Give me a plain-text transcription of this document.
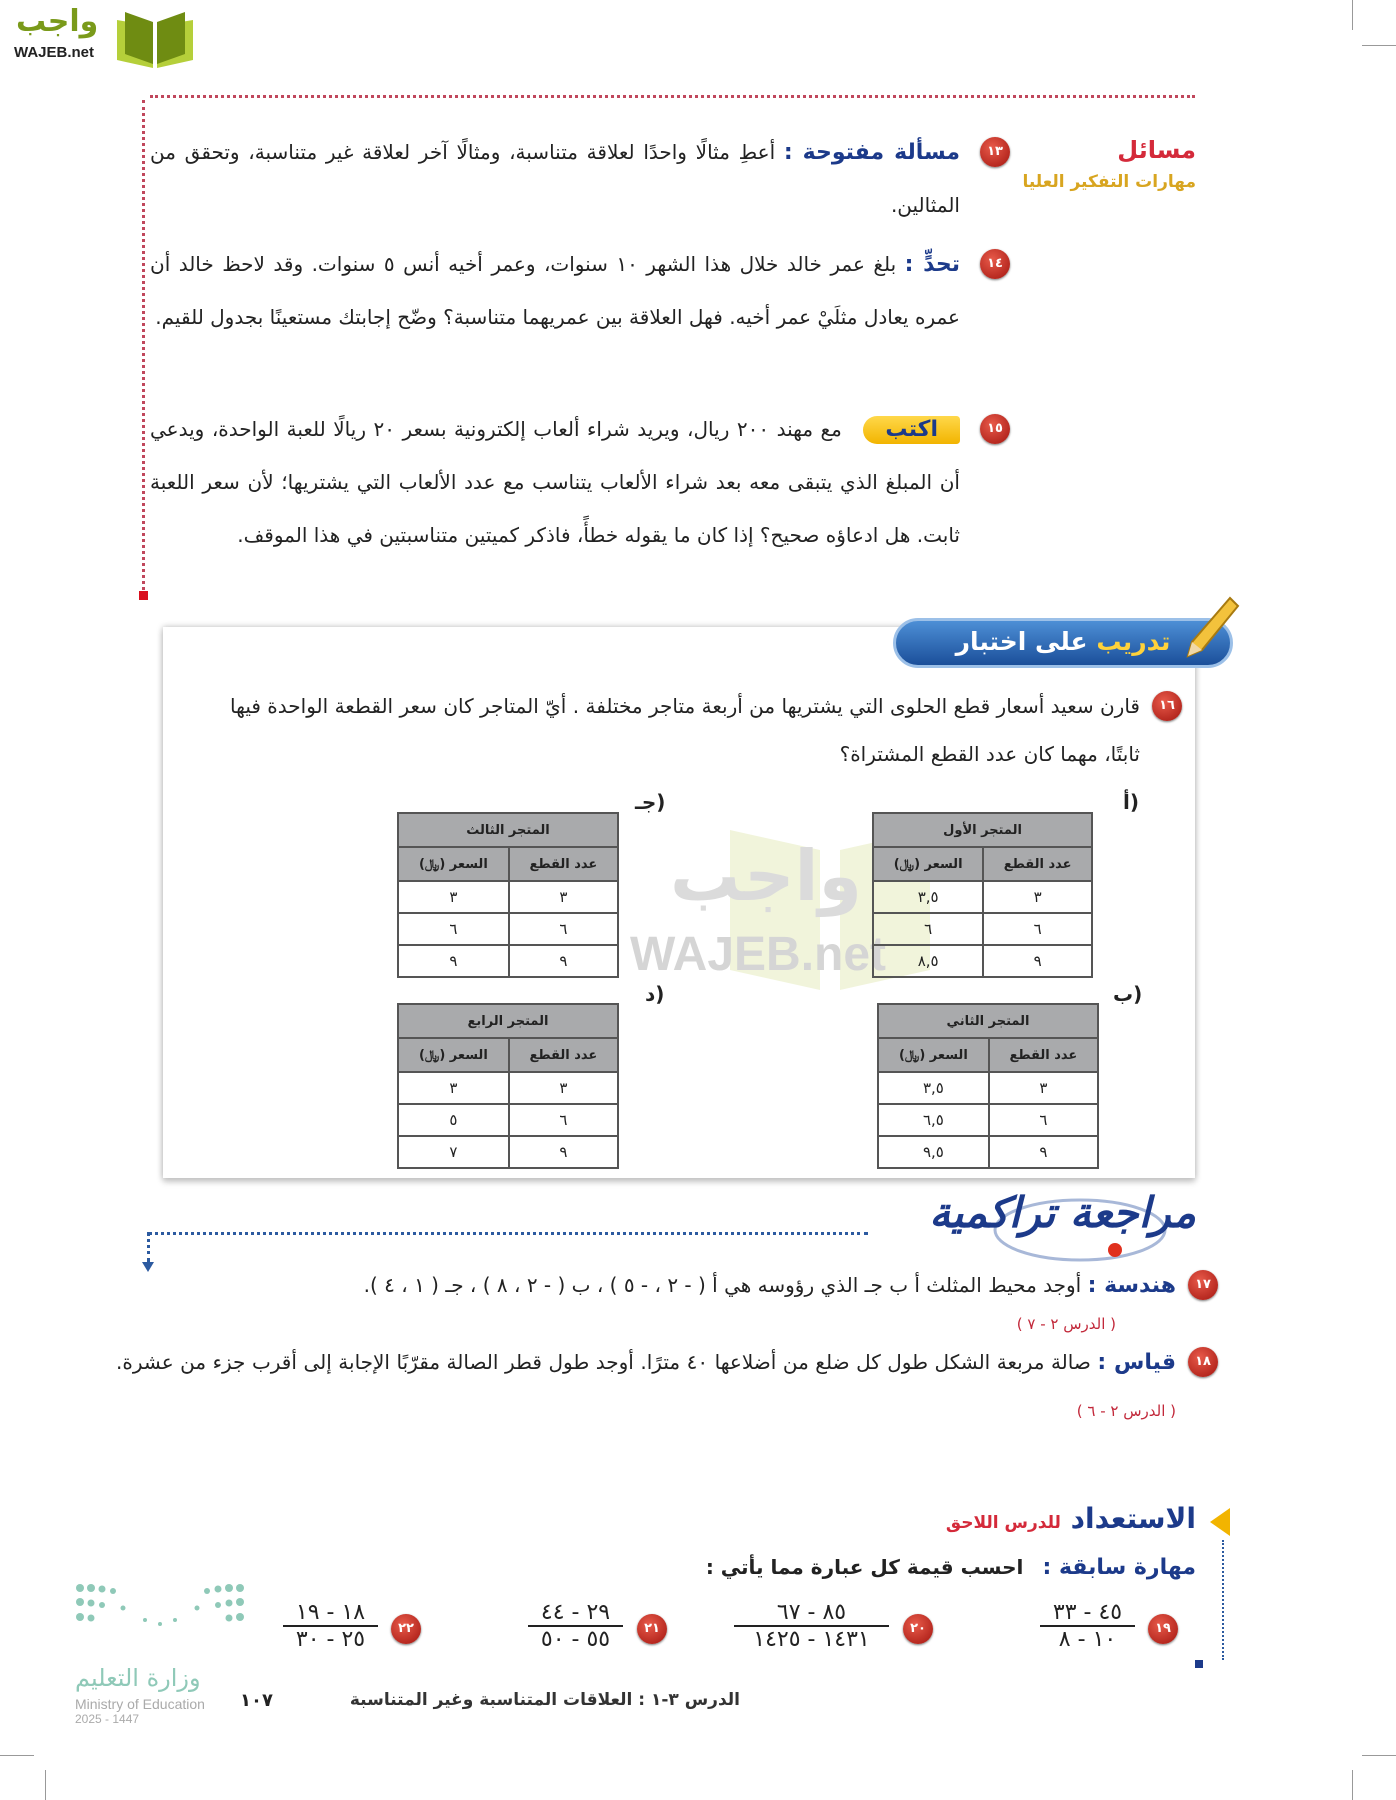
واجب
WAJEB.net
مسائل
مهارات التفكير العليا
١٣
مسألة مفتوحة : أعطِ مثالًا واحدًا لعلاقة متناسبة، ومثالًا آخر لعلاقة غير متناسبة، وتحقق من المثالين.
١٤
تحدٍّ : بلغ عمر خالد خلال هذا الشهر ١٠ سنوات، وعمر أخيه أنس ٥ سنوات. وقد لاحظ خالد أن عمره يعادل مثلَيْ عمر أخيه. فهل العلاقة بين عمريهما متناسبة؟ وضّح إجابتك مستعينًا بجدول للقيم.
١٥
اكتب مع مهند ٢٠٠ ريال، ويريد شراء ألعاب إلكترونية بسعر ٢٠ ريالًا للعبة الواحدة، ويدعي أن المبلغ الذي يتبقى معه بعد شراء الألعاب يتناسب مع عدد الألعاب التي يشتريها؛ لأن سعر اللعبة ثابت. هل ادعاؤه صحيح؟ إذا كان ما يقوله خطأً، فاذكر كميتين متناسبتين في هذا الموقف.
تدريب على اختبار
١٦
قارن سعيد أسعار قطع الحلوى التي يشتريها من أربعة متاجر مختلفة . أيّ المتاجر كان سعر القطعة الواحدة فيها ثابتًا، مهما كان عدد القطع المشتراة؟
WAJEB.net
واجب
أ)
المتجر الأول	
عدد القطع	السعر (﷼)
٣	٣,٥
٦	٦
٩	٨,٥
ب)
المتجر الثاني	
عدد القطع	السعر (﷼)
٣	٣,٥
٦	٦,٥
٩	٩,٥
جـ)
المتجر الثالث	
عدد القطع	السعر (﷼)
٣	٣
٦	٦
٩	٩
د)
المتجر الرابع	
عدد القطع	السعر (﷼)
٣	٣
٦	٥
٩	٧
مراجعة تراكمية
١٧
هندسة : أوجد محيط المثلث أ ب جـ الذي رؤوسه هي أ ( - ٢ ، - ٥ ) ، ب ( - ٢ ، ٨ ) ، جـ ( ١ ، ٤ ).
( الدرس ٢ - ٧ )
١٨
قياس : صالة مربعة الشكل طول كل ضلع من أضلاعها ٤٠ مترًا. أوجد طول قطر الصالة مقرّبًا الإجابة إلى أقرب جزء من عشرة. ( الدرس ٢ - ٦ )
الاستعداد للدرس اللاحق
مهارة سابقة :   احسب قيمة كل عبارة مما يأتي :
١٩
٤٥ - ٣٣
١٠ - ٨
٢٠
٨٥ - ٦٧
١٤٣١ - ١٤٢٥
٢١
٢٩ - ٤٤
٥٥ - ٥٠
٢٢
١٨ - ١٩
٢٥ - ٣٠
وزارة التعليم
Ministry of Education
2025 - 1447
١٠٧	الدرس ٣-١ : العلاقات المتناسبة وغير المتناسبة
